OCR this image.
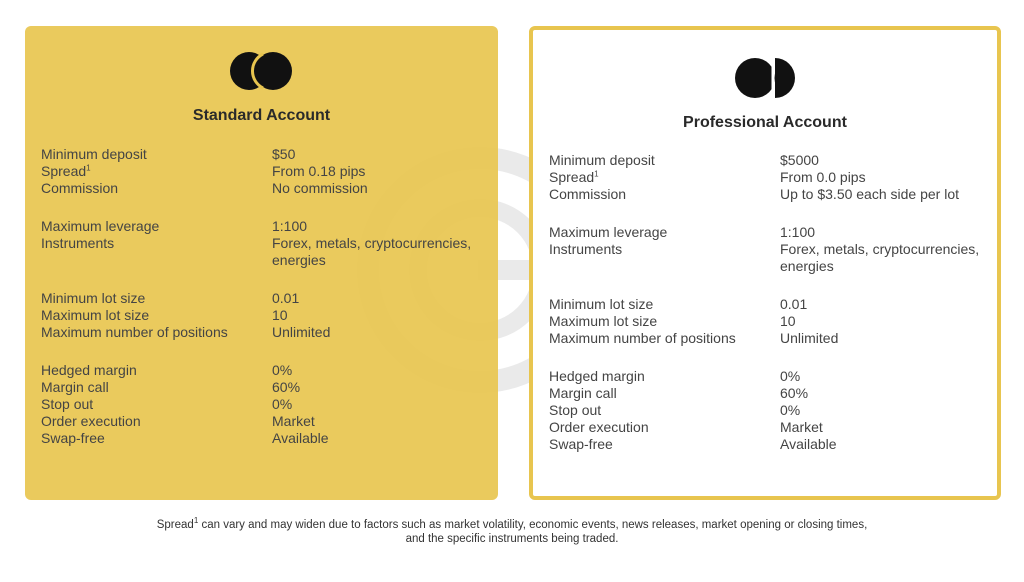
Standard Account
Minimum deposit	$50
Spread$^1$	From 0.18 pips
Commission	No commission
Maximum leverage	1:100
Instruments	Forex, metals, cryptocurrencies, energies
Minimum lot size	0.01
Maximum lot size	10
Maximum number of positions	Unlimited
Hedged margin	0%
Margin call	60%
Stop out	0%
Order execution	Market
Swap-free	Available
Professional Account
Minimum deposit	$5000
Spread$^1$	From 0.0 pips
Commission	Up to $3.50 each side per lot
Maximum leverage	1:100
Instruments	Forex, metals, cryptocurrencies, energies
Minimum lot size	0.01
Maximum lot size	10
Maximum number of positions	Unlimited
Hedged margin	0%
Margin call	60%
Stop out	0%
Order execution	Market
Swap-free	Available
Spread$^1$ can vary and may widen due to factors such as market volatility, economic events, news releases, market opening or closing times,
and the specific instruments being traded.
